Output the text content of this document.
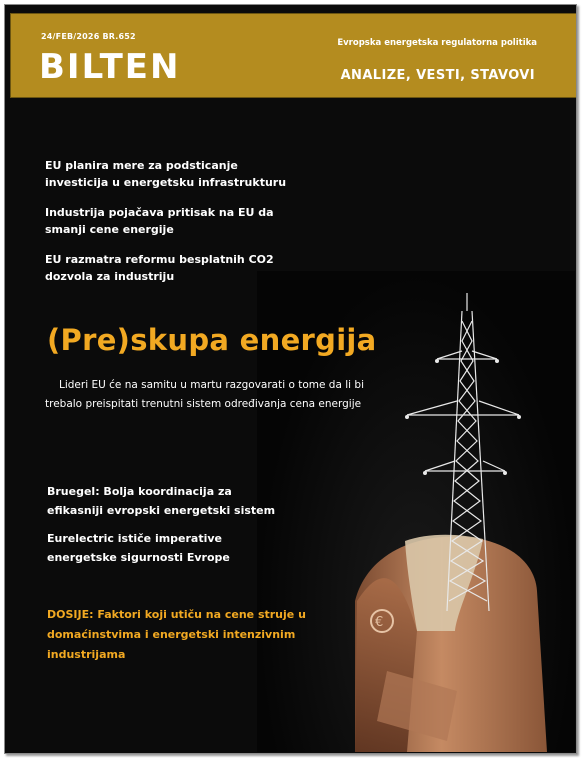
24/FEB/2026 BR.652
BILTEN
Evropska energetska regulatorna politika
ANALIZE, VESTI, STAVOVI
€
EU planira mere za podsticanje investicija u energetsku infrastrukturu
Industrija pojačava pritisak na EU da smanji cene energije
EU razmatra reformu besplatnih CO2 dozvola za industriju
(Pre)skupa energija
Lideri EU će na samitu u martu razgovarati o tome da li bi trebalo preispitati trenutni sistem određivanja cena energije
Bruegel: Bolja koordinacija za efikasniji evropski energetski sistem
Eurelectric ističe imperative energetske sigurnosti Evrope
DOSIJE: Faktori koji utiču na cene struje u domaćinstvima i energetski intenzivnim industrijama
